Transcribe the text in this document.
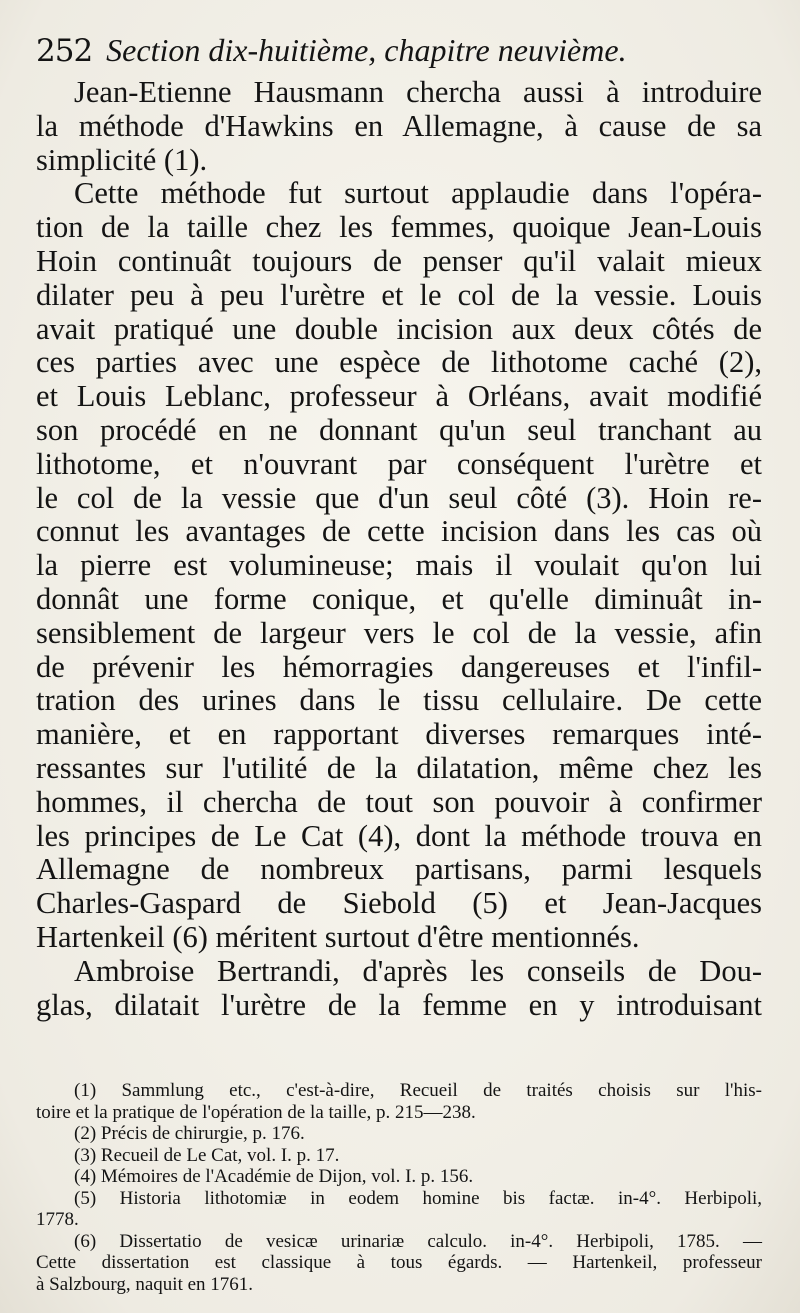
252 Section dix-huitième, chapitre neuvième.
Jean-Etienne Hausmann chercha aussi à introduire
la méthode d'Hawkins en Allemagne, à cause de sa
simplicité (1).
Cette méthode fut surtout applaudie dans l'opéra-
tion de la taille chez les femmes, quoique Jean-Louis
Hoin continuât toujours de penser qu'il valait mieux
dilater peu à peu l'urètre et le col de la vessie. Louis
avait pratiqué une double incision aux deux côtés de
ces parties avec une espèce de lithotome caché (2),
et Louis Leblanc, professeur à Orléans, avait modifié
son procédé en ne donnant qu'un seul tranchant au
lithotome, et n'ouvrant par conséquent l'urètre et
le col de la vessie que d'un seul côté (3). Hoin re-
connut les avantages de cette incision dans les cas où
la pierre est volumineuse; mais il voulait qu'on lui
donnât une forme conique, et qu'elle diminuât in-
sensiblement de largeur vers le col de la vessie, afin
de prévenir les hémorragies dangereuses et l'infil-
tration des urines dans le tissu cellulaire. De cette
manière, et en rapportant diverses remarques inté-
ressantes sur l'utilité de la dilatation, même chez les
hommes, il chercha de tout son pouvoir à confirmer
les principes de Le Cat (4), dont la méthode trouva en
Allemagne de nombreux partisans, parmi lesquels
Charles-Gaspard de Siebold (5) et Jean-Jacques
Hartenkeil (6) méritent surtout d'être mentionnés.
Ambroise Bertrandi, d'après les conseils de Dou-
glas, dilatait l'urètre de la femme en y introduisant
(1) Sammlung etc., c'est-à-dire, Recueil de traités choisis sur l'his-
toire et la pratique de l'opération de la taille, p. 215—238.
(2) Précis de chirurgie, p. 176.
(3) Recueil de Le Cat, vol. I. p. 17.
(4) Mémoires de l'Académie de Dijon, vol. I. p. 156.
(5) Historia lithotomiæ in eodem homine bis factæ. in-4°. Herbipoli,
1778.
(6) Dissertatio de vesicæ urinariæ calculo. in-4°. Herbipoli, 1785. —
Cette dissertation est classique à tous égards. — Hartenkeil, professeur
à Salzbourg, naquit en 1761.
